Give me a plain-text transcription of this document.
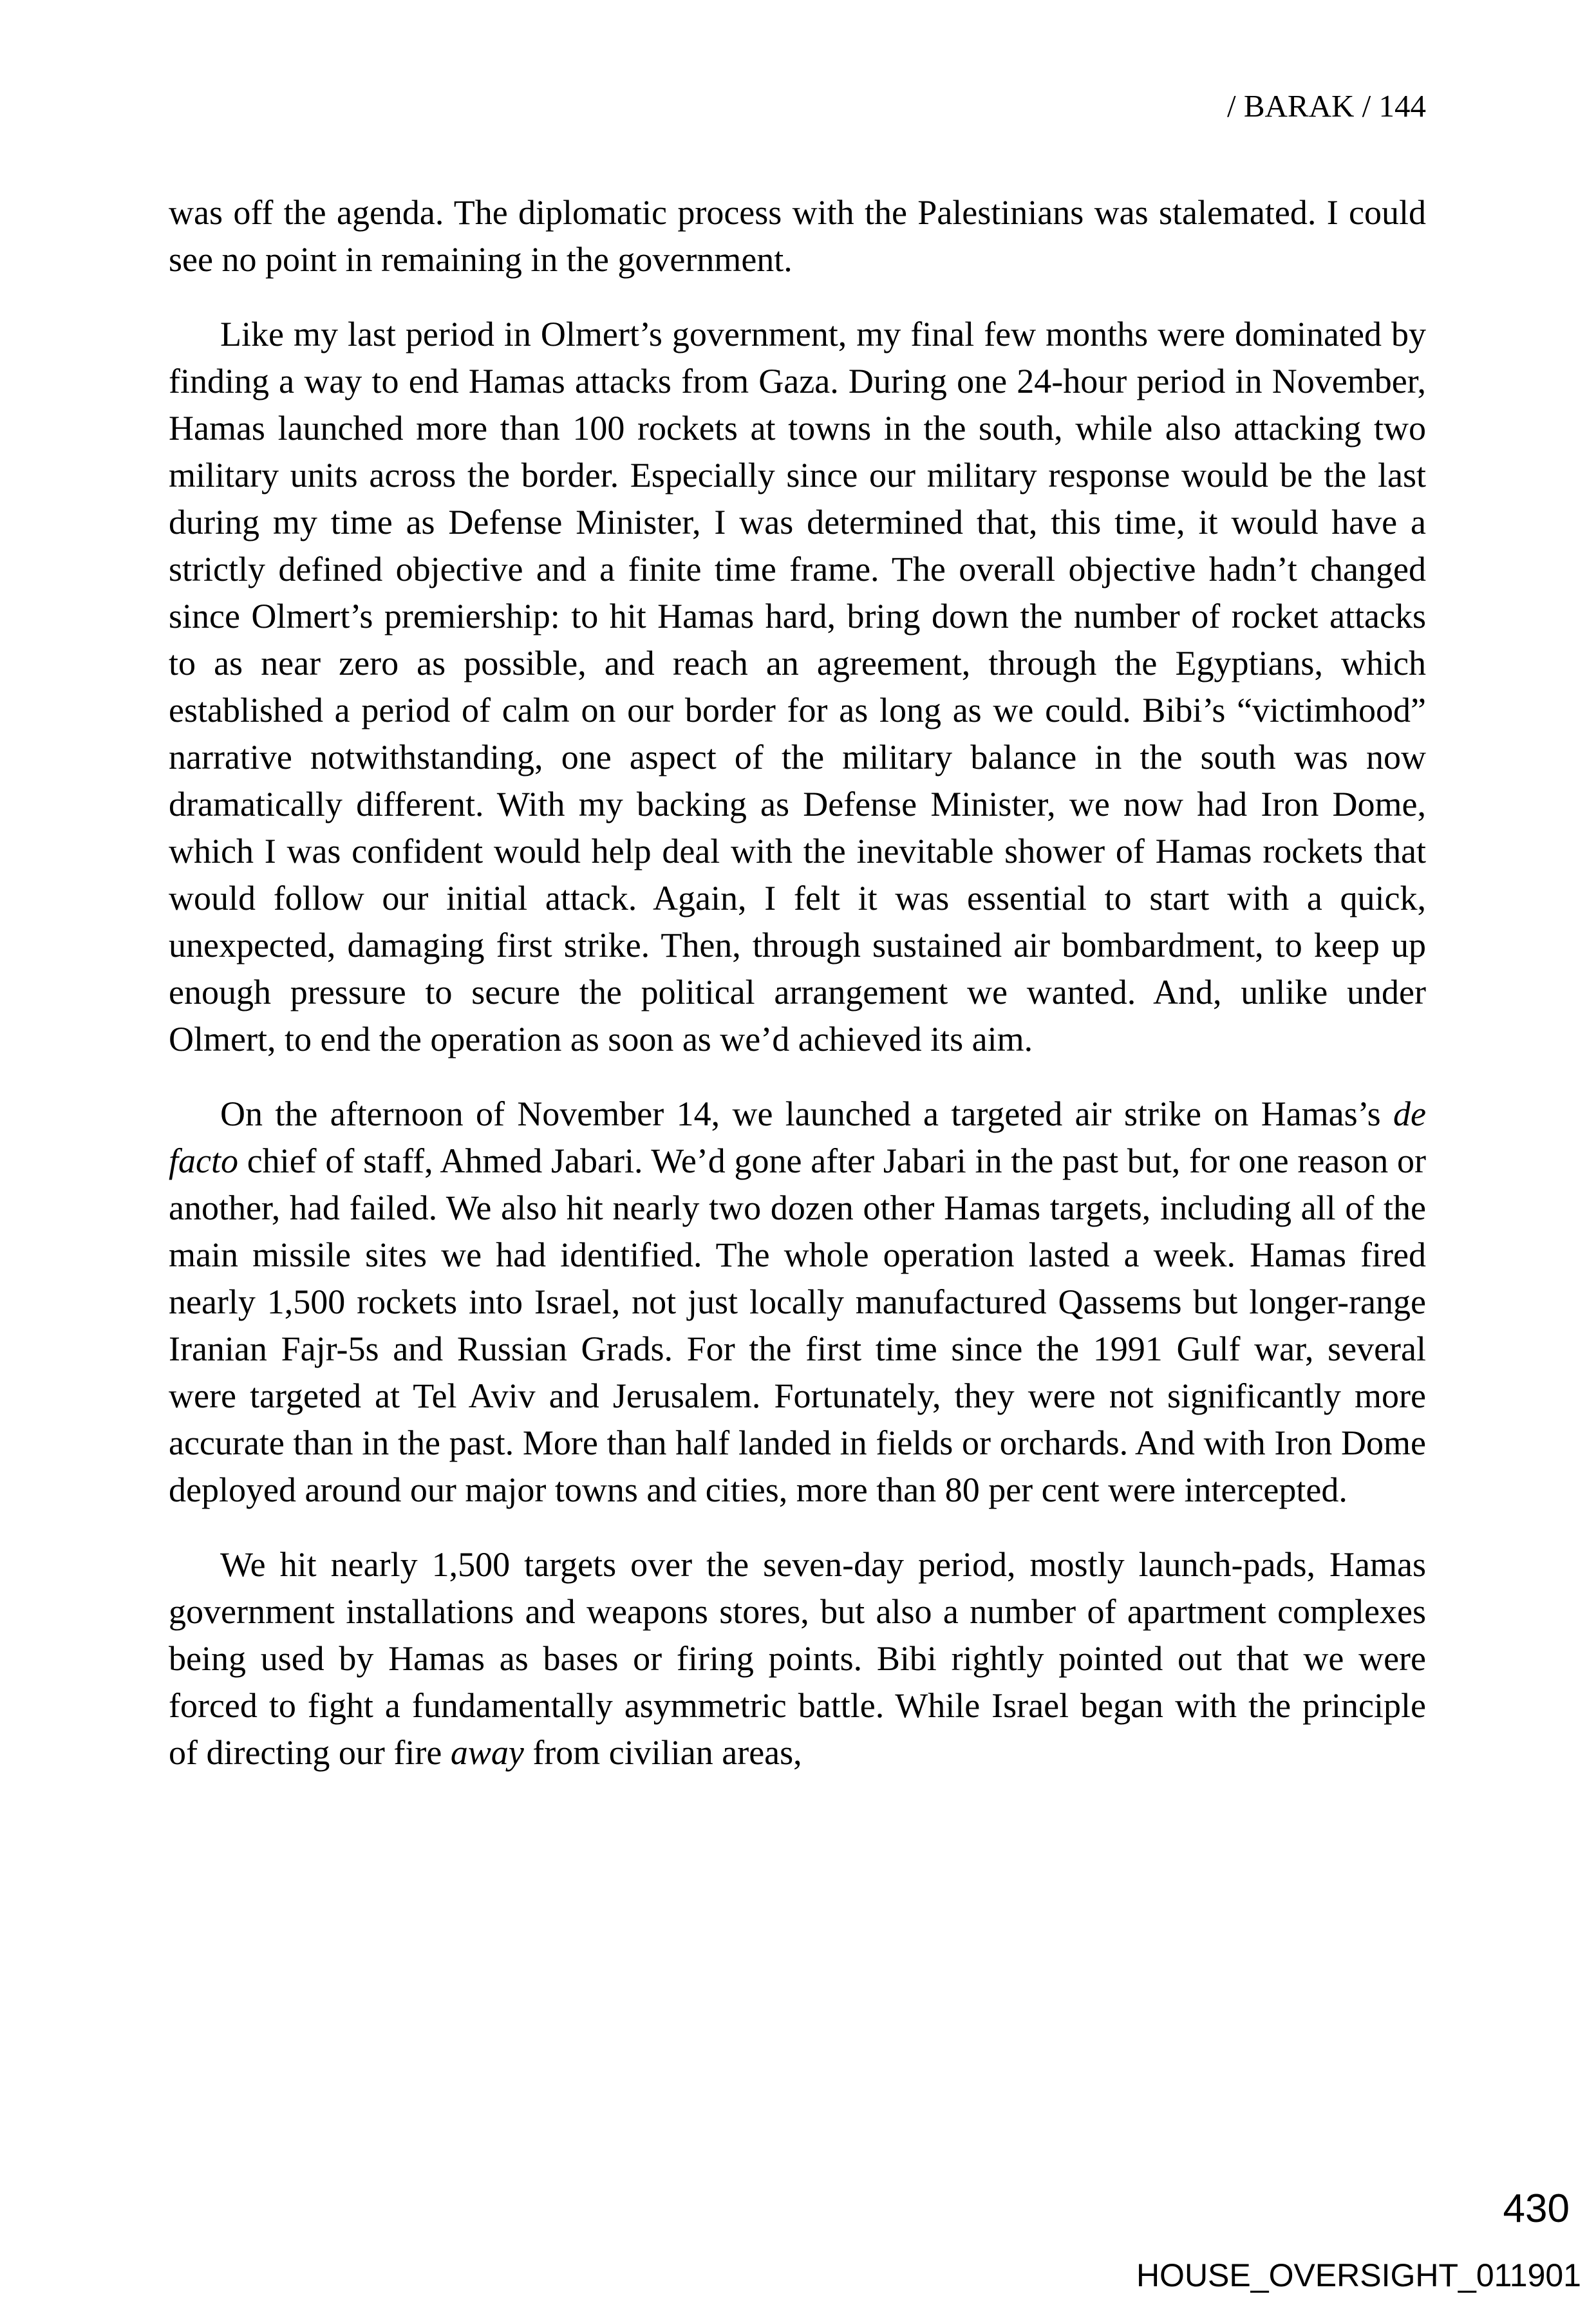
/ BARAK / 144

was off the agenda. The diplomatic process with the Palestinians was stalemated. I could see no point in remaining in the government.

Like my last period in Olmert’s government, my final few months were dominated by finding a way to end Hamas attacks from Gaza. During one 24-hour period in November, Hamas launched more than 100 rockets at towns in the south, while also attacking two military units across the border. Especially since our military response would be the last during my time as Defense Minister, I was determined that, this time, it would have a strictly defined objective and a finite time frame. The overall objective hadn’t changed since Olmert’s premiership: to hit Hamas hard, bring down the number of rocket attacks to as near zero as possible, and reach an agreement, through the Egyptians, which established a period of calm on our border for as long as we could. Bibi’s “victimhood” narrative notwithstanding, one aspect of the military balance in the south was now dramatically different. With my backing as Defense Minister, we now had Iron Dome, which I was confident would help deal with the inevitable shower of Hamas rockets that would follow our initial attack. Again, I felt it was essential to start with a quick, unexpected, damaging first strike. Then, through sustained air bombardment, to keep up enough pressure to secure the political arrangement we wanted. And, unlike under Olmert, to end the operation as soon as we’d achieved its aim.

On the afternoon of November 14, we launched a targeted air strike on Hamas’s de facto chief of staff, Ahmed Jabari. We’d gone after Jabari in the past but, for one reason or another, had failed. We also hit nearly two dozen other Hamas targets, including all of the main missile sites we had identified. The whole operation lasted a week. Hamas fired nearly 1,500 rockets into Israel, not just locally manufactured Qassems but longer-range Iranian Fajr-5s and Russian Grads. For the first time since the 1991 Gulf war, several were targeted at Tel Aviv and Jerusalem. Fortunately, they were not significantly more accurate than in the past. More than half landed in fields or orchards. And with Iron Dome deployed around our major towns and cities, more than 80 per cent were intercepted.

We hit nearly 1,500 targets over the seven-day period, mostly launch-pads, Hamas government installations and weapons stores, but also a number of apartment complexes being used by Hamas as bases or firing points. Bibi rightly pointed out that we were forced to fight a fundamentally asymmetric battle. While Israel began with the principle of directing our fire away from civilian areas,

430
HOUSE_OVERSIGHT_011901
